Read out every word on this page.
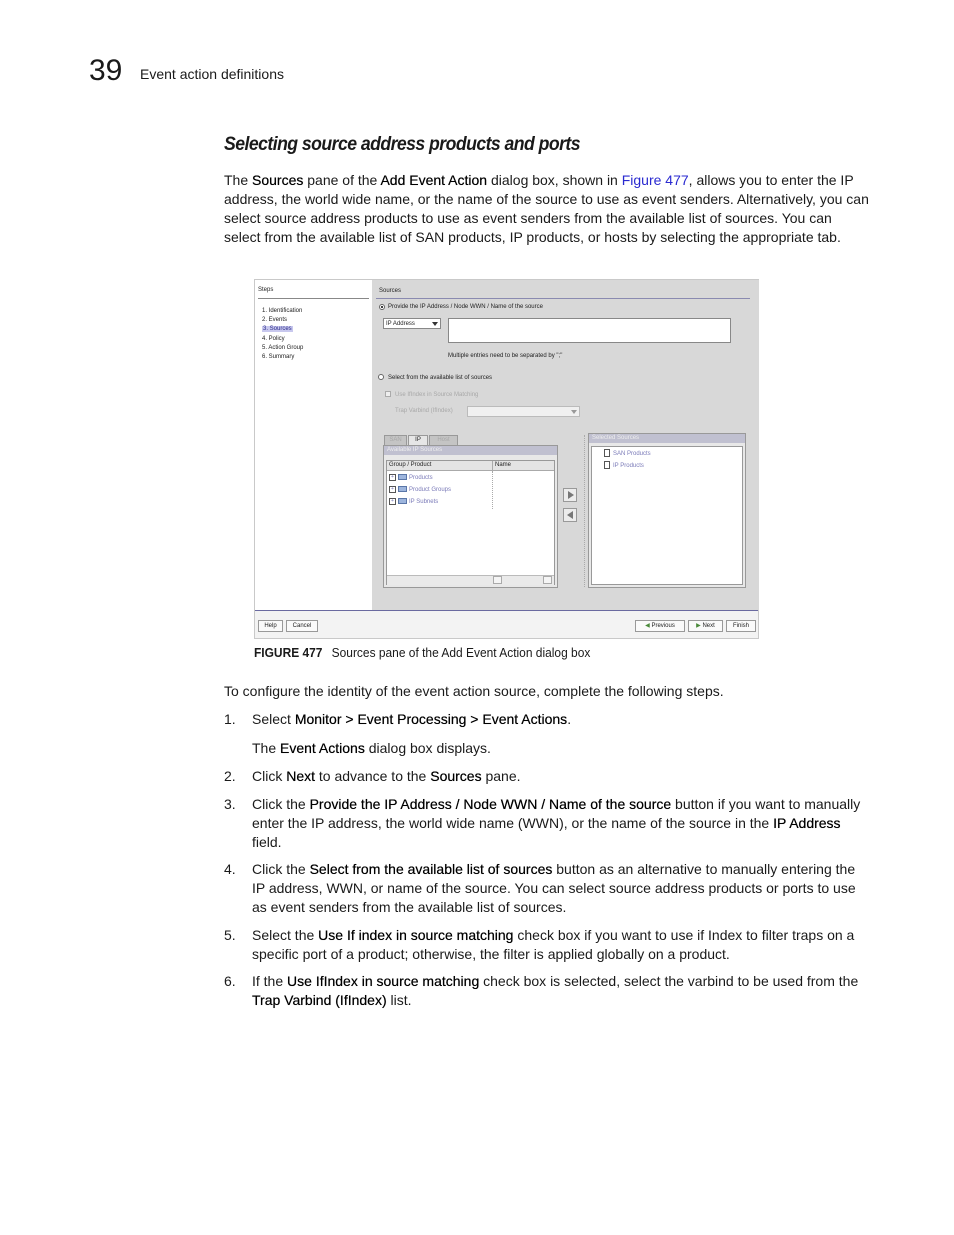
39 Event action definitions
Selecting source address products and ports
The Sources pane of the Add Event Action dialog box, shown in Figure 477, allows you to enter the IP address, the world wide name, or the name of the source to use as event senders. Alternatively, you can select source address products to use as event senders from the available list of sources. You can select from the available list of SAN products, IP products, or hosts by selecting the appropriate tab.
Steps
1. Identification
2. Events
3. Sources
4. Policy
5. Action Group
6. Summary
Sources
Provide the IP Address / Node WWN / Name of the source
IP Address
Multiple entries need to be separated by ";"
Select from the available list of sources
Use IfIndex in Source Matching
Trap Varbind (IfIndex)
SAN	IP	Host
Available IP Sources
Group / Product	Name
+	Products
+	Product Groups
+	IP Subnets
Selected Sources
SAN Products
IP Products
Help	Cancel	◀ Previous	▶ Next	Finish
FIGURE 477 Sources pane of the Add Event Action dialog box
To configure the identity of the event action source, complete the following steps.
1. Select Monitor > Event Processing > Event Actions.
The Event Actions dialog box displays.
2. Click Next to advance to the Sources pane.
3. Click the Provide the IP Address / Node WWN / Name of the source button if you want to manually enter the IP address, the world wide name (WWN), or the name of the source in the IP Address field.
4. Click the Select from the available list of sources button as an alternative to manually entering the IP address, WWN, or name of the source. You can select source address products or ports to use as event senders from the available list of sources.
5. Select the Use If index in source matching check box if you want to use if Index to filter traps on a specific port of a product; otherwise, the filter is applied globally on a product.
6. If the Use IfIndex in source matching check box is selected, select the varbind to be used from the Trap Varbind (IfIndex) list.
